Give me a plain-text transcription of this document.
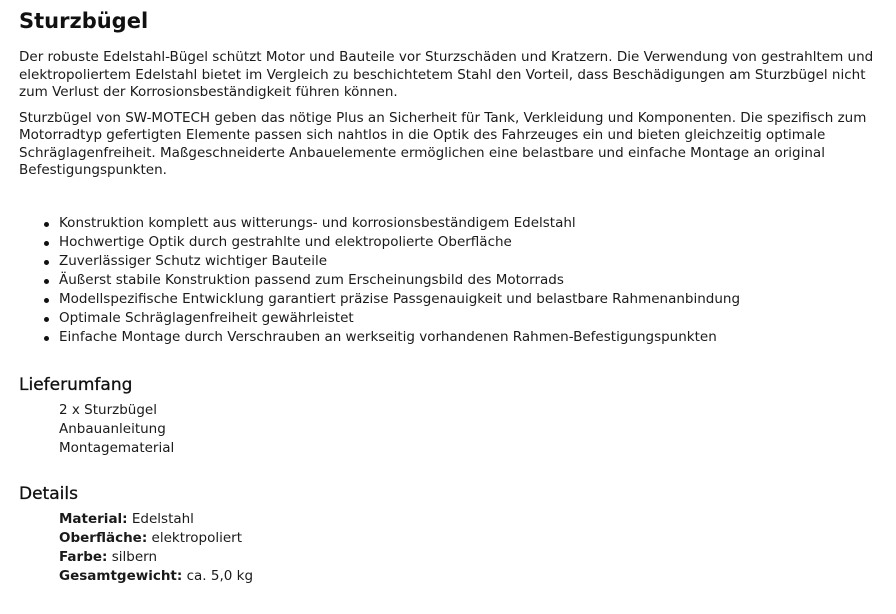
Sturzbügel

Der robuste Edelstahl-Bügel schützt Motor und Bauteile vor Sturzschäden und Kratzern. Die Verwendung von gestrahltem und elektropoliertem Edelstahl bietet im Vergleich zu beschichtetem Stahl den Vorteil, dass Beschädigungen am Sturzbügel nicht zum Verlust der Korrosionsbeständigkeit führen können.

Sturzbügel von SW-MOTECH geben das nötige Plus an Sicherheit für Tank, Verkleidung und Komponenten. Die spezifisch zum Motorradtyp gefertigten Elemente passen sich nahtlos in die Optik des Fahrzeuges ein und bieten gleichzeitig optimale Schräglagenfreiheit. Maßgeschneiderte Anbauelemente ermöglichen eine belastbare und einfache Montage an original Befestigungspunkten.

Konstruktion komplett aus witterungs- und korrosionsbeständigem Edelstahl
Hochwertige Optik durch gestrahlte und elektropolierte Oberfläche
Zuverlässiger Schutz wichtiger Bauteile
Äußerst stabile Konstruktion passend zum Erscheinungsbild des Motorrads
Modellspezifische Entwicklung garantiert präzise Passgenauigkeit und belastbare Rahmenanbindung
Optimale Schräglagenfreiheit gewährleistet
Einfache Montage durch Verschrauben an werkseitig vorhandenen Rahmen-Befestigungspunkten
Lieferumfang
2 x Sturzbügel
Anbauanleitung
Montagematerial
Details
Material: Edelstahl
Oberfläche: elektropoliert
Farbe: silbern
Gesamtgewicht: ca. 5,0 kg
